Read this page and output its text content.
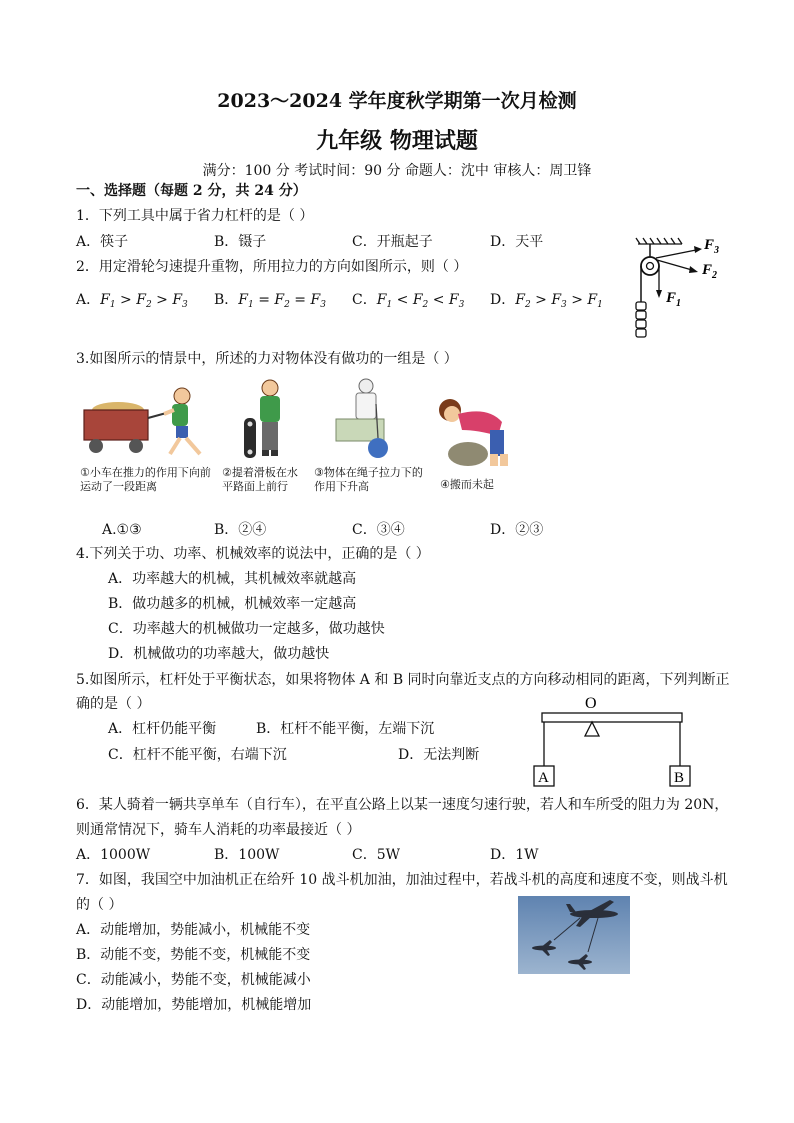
2023～2024 学年度秋学期第一次月检测
九年级 物理试题
满分：100 分 考试时间：90 分 命题人：沈中 审核人：周卫锋
一、选择题（每题 2 分，共 24 分）
1．下列工具中属于省力杠杆的是（ ）
A．筷子	B．镊子	C．开瓶起子	D．天平
2．用定滑轮匀速提升重物，所用拉力的方向如图所示，则（ ）
A．$F_1 > F_2 > F_3$ B．$F_1 = F_2 = F_3$ C．$F_1 < F_2 < F_3$ D．$F_2 > F_3 > F_1$
$F_3$
$F_2$
$F_1$
3.如图所示的情景中，所述的力对物体没有做功的一组是（ ）
①小车在推力的作用下向前运动了一段距离
②提着滑板在水平路面上前行
③物体在绳子拉力下的作用下升高	④搬而未起
A.①③	B．②④	C．③④	D．②③
4.下列关于功、功率、机械效率的说法中，正确的是（ ）
A．功率越大的机械，其机械效率就越高
B．做功越多的机械，机械效率一定越高
C．功率越大的机械做功一定越多，做功越快
D．机械做功的功率越大，做功越快
5.如图所示，杠杆处于平衡状态，如果将物体 A 和 B 同时向靠近支点的方向移动相同的距离，下列判断正
确的是（ ）
A．杠杆仍能平衡	B．杠杆不能平衡，左端下沉
C．杠杆不能平衡，右端下沉	D．无法判断
O
A	B
6．某人骑着一辆共享单车（自行车），在平直公路上以某一速度匀速行驶，若人和车所受的阻力为 20N，
则通常情况下，骑车人消耗的功率最接近（ ）
A．1000W	B．100W	C．5W	D．1W
7．如图，我国空中加油机正在给歼 10 战斗机加油，加油过程中，若战斗机的高度和速度不变，则战斗机
的（ ）
A．动能增加，势能减小，机械能不变
B．动能不变，势能不变，机械能不变
C．动能减小，势能不变，机械能减小
D．动能增加，势能增加，机械能增加
